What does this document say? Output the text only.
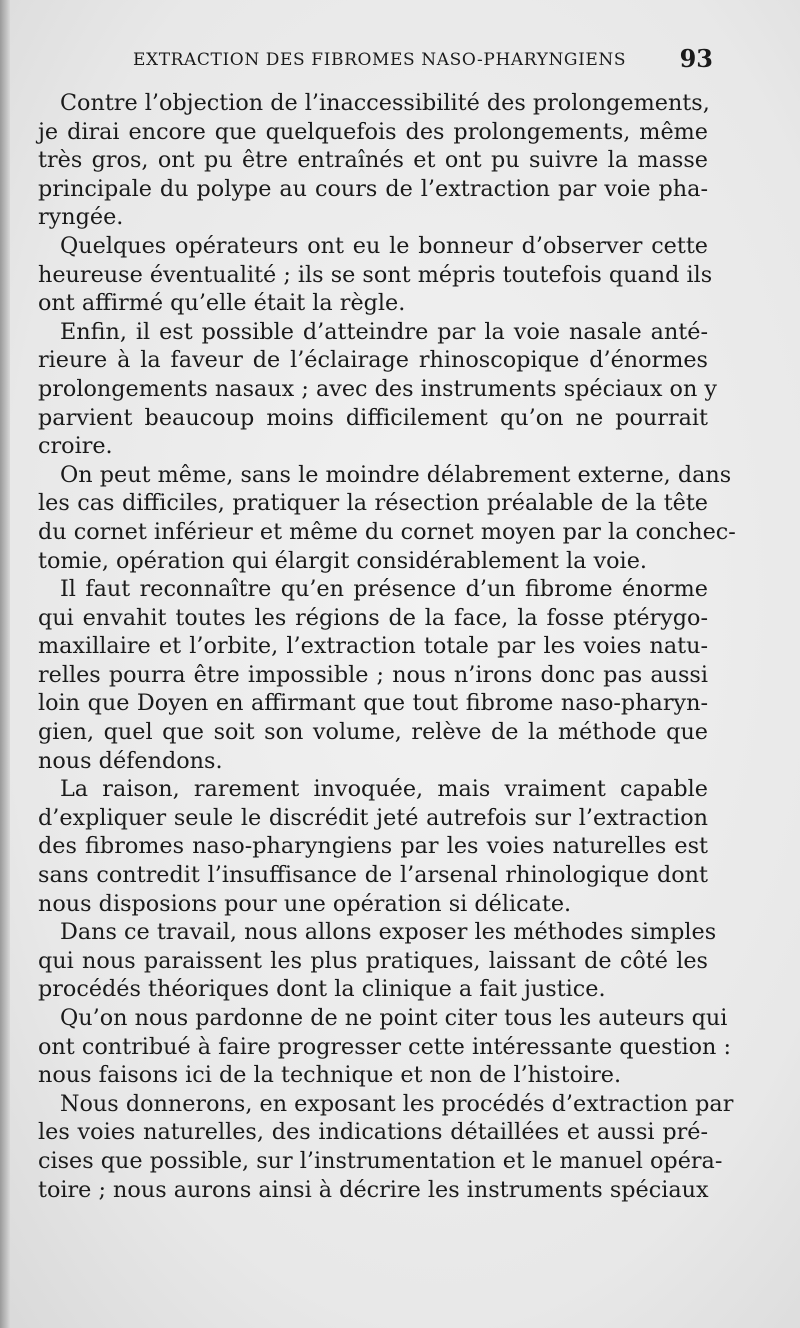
EXTRACTION DES FIBROMES NASO-PHARYNGIENS 93
Contre l’objection de l’inaccessibilité des prolongements,
je dirai encore que quelquefois des prolongements, même
très gros, ont pu être entraînés et ont pu suivre la masse
principale du polype au cours de l’extraction par voie pha-
ryngée.
Quelques opérateurs ont eu le bonneur d’observer cette
heureuse éventualité ; ils se sont mépris toutefois quand ils
ont affirmé qu’elle était la règle.
Enfin, il est possible d’atteindre par la voie nasale anté-
rieure à la faveur de l’éclairage rhinoscopique d’énormes
prolongements nasaux ; avec des instruments spéciaux on y
parvient beaucoup moins difficilement qu’on ne pourrait
croire.
On peut même, sans le moindre délabrement externe, dans
les cas difficiles, pratiquer la résection préalable de la tête
du cornet inférieur et même du cornet moyen par la conchec-
tomie, opération qui élargit considérablement la voie.
Il faut reconnaître qu’en présence d’un fibrome énorme
qui envahit toutes les régions de la face, la fosse ptérygo-
maxillaire et l’orbite, l’extraction totale par les voies natu-
relles pourra être impossible ; nous n’irons donc pas aussi
loin que Doyen en affirmant que tout fibrome naso-pharyn-
gien, quel que soit son volume, relève de la méthode que
nous défendons.
La raison, rarement invoquée, mais vraiment capable
d’expliquer seule le discrédit jeté autrefois sur l’extraction
des fibromes naso-pharyngiens par les voies naturelles est
sans contredit l’insuffisance de l’arsenal rhinologique dont
nous disposions pour une opération si délicate.
Dans ce travail, nous allons exposer les méthodes simples
qui nous paraissent les plus pratiques, laissant de côté les
procédés théoriques dont la clinique a fait justice.
Qu’on nous pardonne de ne point citer tous les auteurs qui
ont contribué à faire progresser cette intéressante question :
nous faisons ici de la technique et non de l’histoire.
Nous donnerons, en exposant les procédés d’extraction par
les voies naturelles, des indications détaillées et aussi pré-
cises que possible, sur l’instrumentation et le manuel opéra-
toire ; nous aurons ainsi à décrire les instruments spéciaux
